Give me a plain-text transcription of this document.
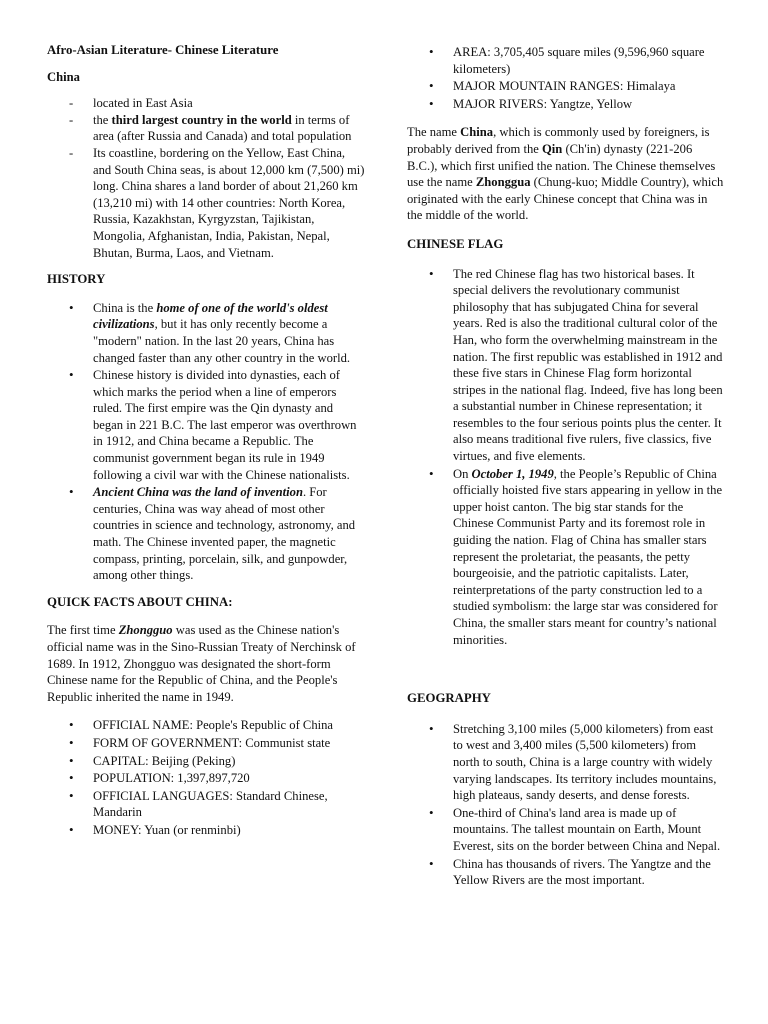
Afro-Asian Literature- Chinese Literature

China

- located in East Asia
- the third largest country in the world in terms of area (after Russia and Canada) and total population
- Its coastline, bordering on the Yellow, East China, and South China seas, is about 12,000 km (7,500) mi) long. China shares a land border of about 21,260 km (13,210 mi) with 14 other countries: North Korea, Russia, Kazakhstan, Kyrgyzstan, Tajikistan, Mongolia, Afghanistan, India, Pakistan, Nepal, Bhutan, Burma, Laos, and Vietnam.
HISTORY
• China is the home of one of the world's oldest civilizations, but it has only recently become a "modern" nation. In the last 20 years, China has changed faster than any other country in the world.
• Chinese history is divided into dynasties, each of which marks the period when a line of emperors ruled. The first empire was the Qin dynasty and began in 221 B.C. The last emperor was overthrown in 1912, and China became a Republic. The communist government began its rule in 1949 following a civil war with the Chinese nationalists.
• Ancient China was the land of invention. For centuries, China was way ahead of most other countries in science and technology, astronomy, and math. The Chinese invented paper, the magnetic compass, printing, porcelain, silk, and gunpowder, among other things.
QUICK FACTS ABOUT CHINA:

The first time Zhongguo was used as the Chinese nation's official name was in the Sino-Russian Treaty of Nerchinsk of 1689. In 1912, Zhongguo was designated the short-form Chinese name for the Republic of China, and the People's Republic inherited the name in 1949.

• OFFICIAL NAME: People's Republic of China
• FORM OF GOVERNMENT: Communist state
• CAPITAL: Beijing (Peking)
• POPULATION: 1,397,897,720
• OFFICIAL LANGUAGES: Standard Chinese, Mandarin
• MONEY: Yuan (or renminbi)
• AREA: 3,705,405 square miles (9,596,960 square kilometers)
• MAJOR MOUNTAIN RANGES: Himalaya
• MAJOR RIVERS: Yangtze, Yellow

The name China, which is commonly used by foreigners, is probably derived from the Qin (Ch'in) dynasty (221-206 B.C.), which first unified the nation. The Chinese themselves use the name Zhonggua (Chung-kuo; Middle Country), which originated with the early Chinese concept that China was in the middle of the world.

CHINESE FLAG
• The red Chinese flag has two historical bases. It special delivers the revolutionary communist philosophy that has subjugated China for several years. Red is also the traditional cultural color of the Han, who form the overwhelming mainstream in the nation. The first republic was established in 1912 and these five stars in Chinese Flag form horizontal stripes in the national flag. Indeed, five has long been a substantial number in Chinese representation; it resembles to the four serious points plus the center. It also means traditional five rulers, five classics, five virtues, and five elements.
• On October 1, 1949, the People’s Republic of China officially hoisted five stars appearing in yellow in the upper hoist canton. The big star stands for the Chinese Communist Party and its foremost role in guiding the nation. Flag of China has smaller stars represent the proletariat, the peasants, the petty bourgeoisie, and the patriotic capitalists. Later, reinterpretations of the party construction led to a studied symbolism: the large star was considered for China, the smaller stars meant for country’s national minorities.
GEOGRAPHY
• Stretching 3,100 miles (5,000 kilometers) from east to west and 3,400 miles (5,500 kilometers) from north to south, China is a large country with widely varying landscapes. Its territory includes mountains, high plateaus, sandy deserts, and dense forests.
• One-third of China's land area is made up of mountains. The tallest mountain on Earth, Mount Everest, sits on the border between China and Nepal.
• China has thousands of rivers. The Yangtze and the Yellow Rivers are the most important.
